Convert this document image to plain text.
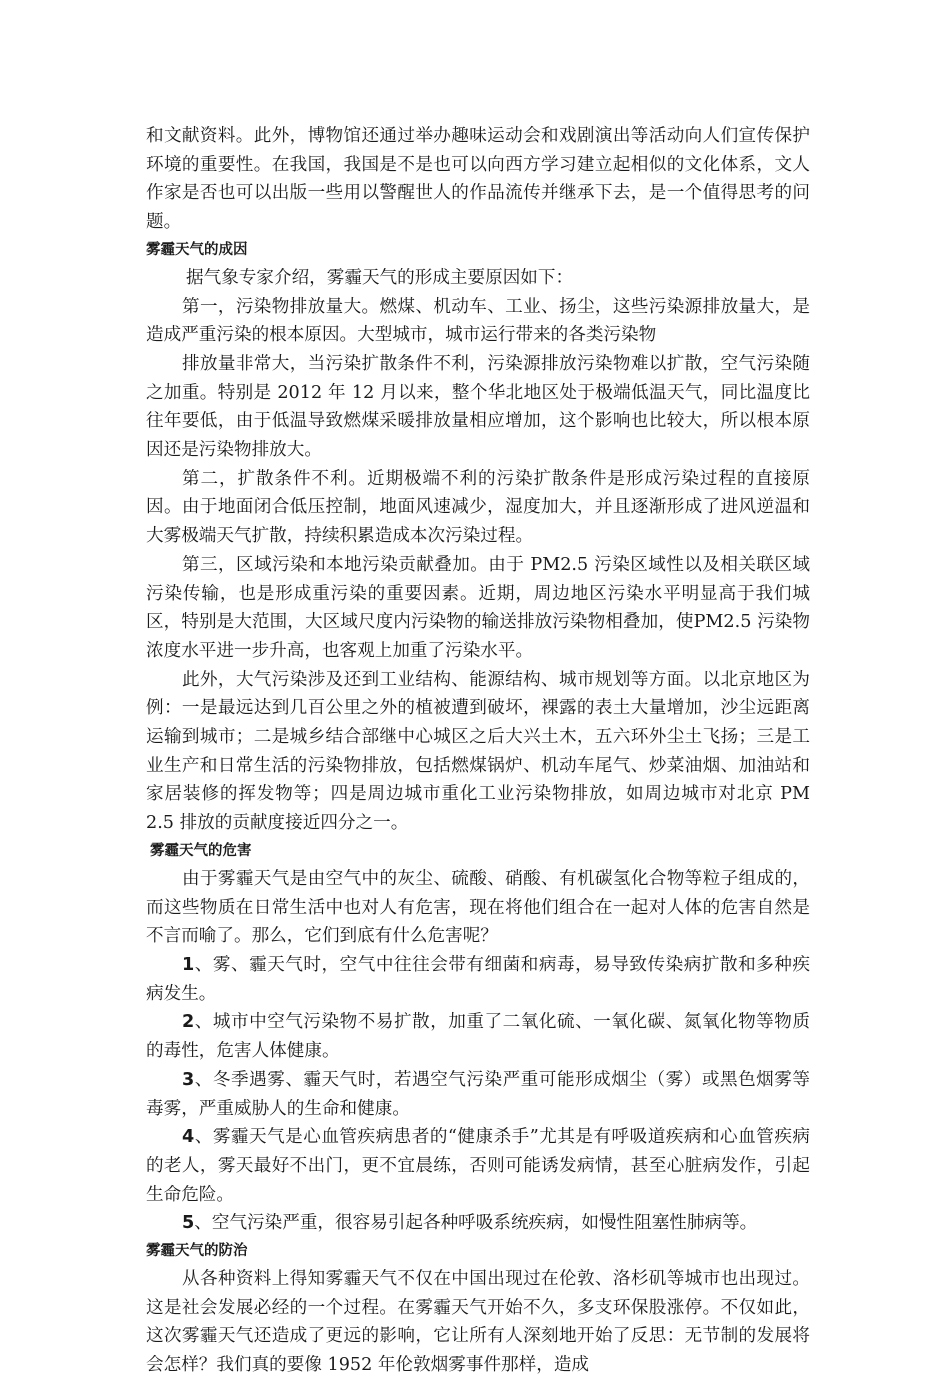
和文献资料。此外，博物馆还通过举办趣味运动会和戏剧演出等活动向人们宣传保护环境的重要性。在我国，我国是不是也可以向西方学习建立起相似的文化体系，文人作家是否也可以出版一些用以警醒世人的作品流传并继承下去，是一个值得思考的问题。

雾霾天气的成因

据气象专家介绍，雾霾天气的形成主要原因如下：

第一，污染物排放量大。燃煤、机动车、工业、扬尘，这些污染源排放量大，是造成严重污染的根本原因。大型城市，城市运行带来的各类污染物

排放量非常大，当污染扩散条件不利，污染源排放污染物难以扩散，空气污染随之加重。特别是 2012 年 12 月以来，整个华北地区处于极端低温天气，同比温度比往年要低，由于低温导致燃煤采暖排放量相应增加，这个影响也比较大，所以根本原因还是污染物排放大。

第二，扩散条件不利。近期极端不利的污染扩散条件是形成污染过程的直接原因。由于地面闭合低压控制，地面风速减少，湿度加大，并且逐渐形成了进风逆温和大雾极端天气扩散，持续积累造成本次污染过程。

第三，区域污染和本地污染贡献叠加。由于 PM2.5 污染区域性以及相关联区域污染传输，也是形成重污染的重要因素。近期，周边地区污染水平明显高于我们城区，特别是大范围，大区域尺度内污染物的输送排放污染物相叠加，使PM2.5 污染物浓度水平进一步升高，也客观上加重了污染水平。

此外，大气污染涉及还到工业结构、能源结构、城市规划等方面。以北京地区为例：一是最远达到几百公里之外的植被遭到破坏，裸露的表土大量增加，沙尘远距离运输到城市；二是城乡结合部继中心城区之后大兴土木，五六环外尘土飞扬；三是工业生产和日常生活的污染物排放，包括燃煤锅炉、机动车尾气、炒菜油烟、加油站和家居装修的挥发物等；四是周边城市重化工业污染物排放，如周边城市对北京 PM 2.5 排放的贡献度接近四分之一。

雾霾天气的危害

由于雾霾天气是由空气中的灰尘、硫酸、硝酸、有机碳氢化合物等粒子组成的，而这些物质在日常生活中也对人有危害，现在将他们组合在一起对人体的危害自然是不言而喻了。那么，它们到底有什么危害呢？

1、雾、霾天气时，空气中往往会带有细菌和病毒，易导致传染病扩散和多种疾病发生。

2、城市中空气污染物不易扩散，加重了二氧化硫、一氧化碳、氮氧化物等物质的毒性，危害人体健康。

3、冬季遇雾、霾天气时，若遇空气污染严重可能形成烟尘（雾）或黑色烟雾等毒雾，严重威胁人的生命和健康。

4、雾霾天气是心血管疾病患者的“健康杀手”尤其是有呼吸道疾病和心血管疾病的老人，雾天最好不出门，更不宜晨练，否则可能诱发病情，甚至心脏病发作，引起生命危险。

5、空气污染严重，很容易引起各种呼吸系统疾病，如慢性阻塞性肺病等。

雾霾天气的防治

从各种资料上得知雾霾天气不仅在中国出现过在伦敦、洛杉矶等城市也出现过。这是社会发展必经的一个过程。在雾霾天气开始不久，多支环保股涨停。不仅如此，这次雾霾天气还造成了更远的影响，它让所有人深刻地开始了反思：无节制的发展将会怎样？我们真的要像 1952 年伦敦烟雾事件那样，造成
